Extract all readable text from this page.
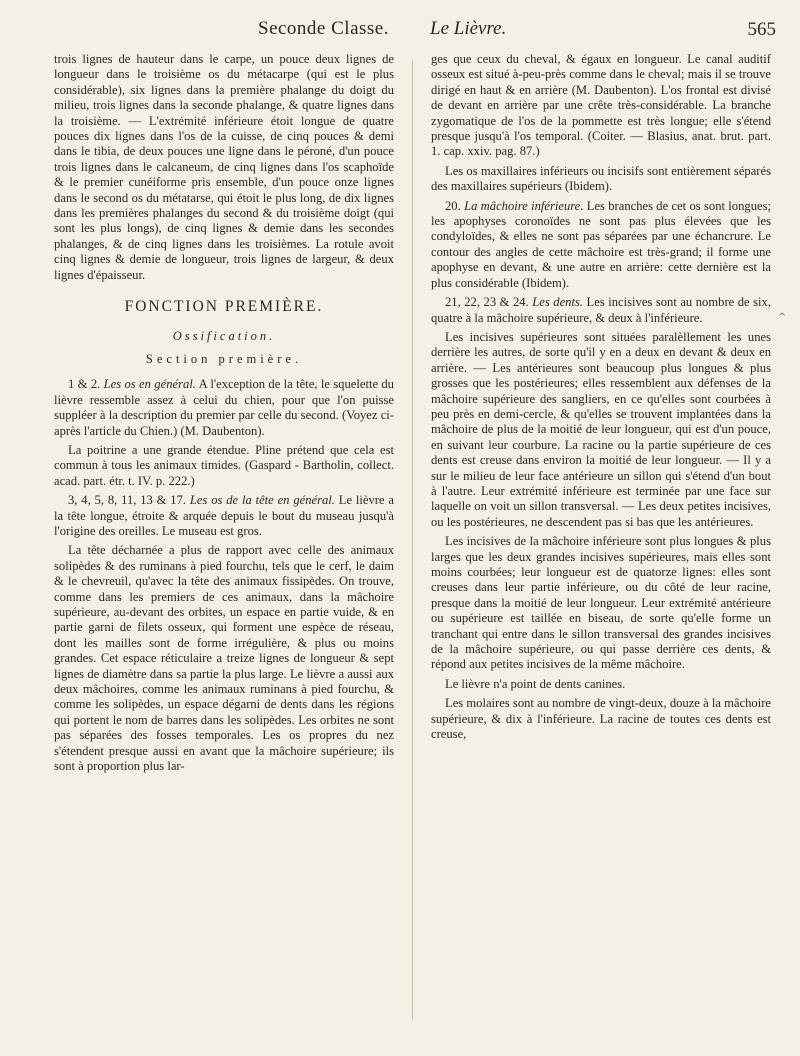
Seconde Classe. Le Lièvre.	565

trois lignes de hauteur dans le carpe, un pouce deux lignes de longueur dans le troisième os du métacarpe (qui est le plus considérable), six lignes dans la première phalange du doigt du milieu, trois lignes dans la seconde phalange, & quatre lignes dans la troisième. — L'extrémité inférieure étoit longue de quatre pouces dix lignes dans l'os de la cuisse, de cinq pouces & demi dans le tibia, de deux pouces une ligne dans le péroné, d'un pouce trois lignes dans le calcaneum, de cinq lignes dans l'os scaphoïde & le premier cunéiforme pris ensemble, d'un pouce onze lignes dans le second os du métatarse, qui étoit le plus long, de dix lignes dans les premières phalanges du second & du troisième doigt (qui sont les plus longs), de cinq lignes & demie dans les secondes phalanges, & de cinq lignes dans les troisièmes. La rotule avoit cinq lignes & demie de longueur, trois lignes de largeur, & deux lignes d'épaisseur.

FONCTION PREMIÈRE.
Ossification.
Section première.

1 & 2. Les os en général. A l'exception de la tête, le squelette du lièvre ressemble assez à celui du chien, pour que l'on puisse suppléer à la description du premier par celle du second. (Voyez ci-après l'article du Chien.) (M. Daubenton).

La poitrine a une grande étendue. Pline prétend que cela est commun à tous les animaux timides. (Gaspard - Bartholin, collect. acad. part. étr. t. IV. p. 222.)

3, 4, 5, 8, 11, 13 & 17. Les os de la tête en général. Le lièvre a la tête longue, étroite & arquée depuis le bout du museau jusqu'à l'origine des oreilles. Le museau est gros.

La tête décharnée a plus de rapport avec celle des animaux solipèdes & des ruminans à pied fourchu, tels que le cerf, le daim & le chevreuil, qu'avec la tête des animaux fissipèdes. On trouve, comme dans les premiers de ces animaux, dans la mâchoire supérieure, au-devant des orbites, un espace en partie vuide, & en partie garni de filets osseux, qui forment une espèce de réseau, dont les mailles sont de forme irrégulière, & plus ou moins grandes. Cet espace réticulaire a treize lignes de longueur & sept lignes de diamètre dans sa partie la plus large. Le lièvre a aussi aux deux mâchoires, comme les animaux ruminans à pied fourchu, & comme les solipèdes, un espace dégarni de dents dans les régions qui portent le nom de barres dans les solipèdes. Les orbites ne sont pas séparées des fosses temporales. Les os propres du nez s'étendent presque aussi en avant que la mâchoire supérieure; ils sont à proportion plus lar-

ges que ceux du cheval, & égaux en longueur. Le canal auditif osseux est situé à-peu-près comme dans le cheval; mais il se trouve dirigé en haut & en arrière (M. Daubenton). L'os frontal est divisé de devant en arrière par une crête très-considérable. La branche zygomatique de l'os de la pommette est très longue; elle s'étend presque jusqu'à l'os temporal. (Coiter. — Blasius, anat. brut. part. 1. cap. xxiv. pag. 87.)

Les os maxillaires inférieurs ou incisifs sont entièrement séparés des maxillaires supérieurs (Ibidem).

20. La mâchoire inférieure. Les branches de cet os sont longues; les apophyses coronoïdes ne sont pas plus élevées que les condyloïdes, & elles ne sont pas séparées par une échancrure. Le contour des angles de cette mâchoire est très-grand; il forme une apophyse en devant, & une autre en arrière: cette dernière est la plus considérable (Ibidem).

21, 22, 23 & 24. Les dents. Les incisives sont au nombre de six, quatre à la mâchoire supérieure, & deux à l'inférieure.

Les incisives supérieures sont situées paralèllement les unes derrière les autres, de sorte qu'il y en a deux en devant & deux en arrière. — Les antérieures sont beaucoup plus longues & plus grosses que les postérieures; elles ressemblent aux défenses de la mâchoire supérieure des sangliers, en ce qu'elles sont courbées à peu près en demi-cercle, & qu'elles se trouvent implantées dans la mâchoire de plus de la moitié de leur longueur, qui est d'un pouce, en suivant leur courbure. La racine ou la partie supérieure de ces dents est creuse dans environ la moitié de leur longueur. — Il y a sur le milieu de leur face antérieure un sillon qui s'étend d'un bout à l'autre. Leur extrémité inférieure est terminée par une face sur laquelle on voit un sillon transversal. — Les deux petites incisives, ou les postérieures, ne descendent pas si bas que les antérieures.

Les incisives de la mâchoire inférieure sont plus longues & plus larges que les deux grandes incisives supérieures, mais elles sont moins courbées; leur longueur est de quatorze lignes: elles sont creuses dans leur partie inférieure, ou du côté de leur racine, presque dans la moitié de leur longueur. Leur extrémité antérieure ou supérieure est taillée en biseau, de sorte qu'elle forme un tranchant qui entre dans le sillon transversal des grandes incisives de la mâchoire supérieure, ou qui passe derrière ces dents, & répond aux petites incisives de la même mâchoire.

Le lièvre n'a point de dents canines.

Les molaires sont au nombre de vingt-deux, douze à la mâchoire supérieure, & dix à l'inférieure. La racine de toutes ces dents est creuse,

^
